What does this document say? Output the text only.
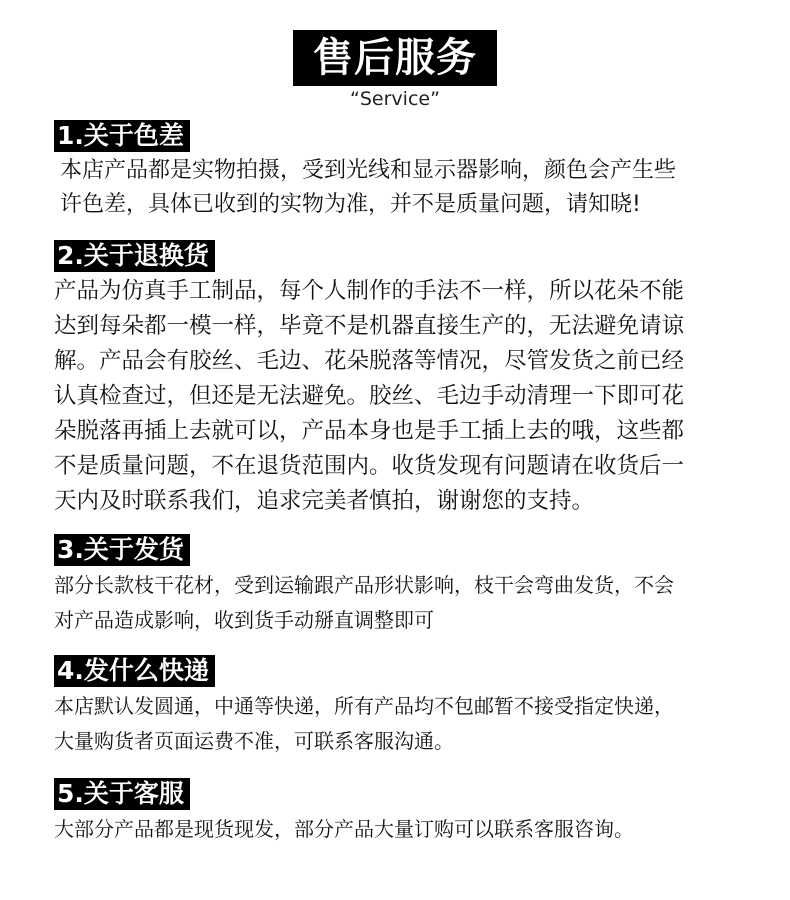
售后服务
“Service”
1.关于色差

本店产品都是实物拍摄，受到光线和显示器影响，颜色会产生些

许色差，具体已收到的实物为准，并不是质量问题，请知晓!

2.关于退换货

产品为仿真手工制品，每个人制作的手法不一样，所以花朵不能

达到每朵都一模一样，毕竟不是机器直接生产的，无法避免请谅

解。产品会有胶丝、毛边、花朵脱落等情况，尽管发货之前已经

认真检查过，但还是无法避免。胶丝、毛边手动清理一下即可花

朵脱落再插上去就可以，产品本身也是手工插上去的哦，这些都

不是质量问题，不在退货范围内。收货发现有问题请在收货后一

天内及时联系我们，追求完美者慎拍，谢谢您的支持。

3.关于发货

部分长款枝干花材，受到运输跟产品形状影响，枝干会弯曲发货，不会

对产品造成影响，收到货手动掰直调整即可

4.发什么快递

本店默认发圆通，中通等快递，所有产品均不包邮暂不接受指定快递，

大量购货者页面运费不准，可联系客服沟通。

5.关于客服

大部分产品都是现货现发，部分产品大量订购可以联系客服咨询。
